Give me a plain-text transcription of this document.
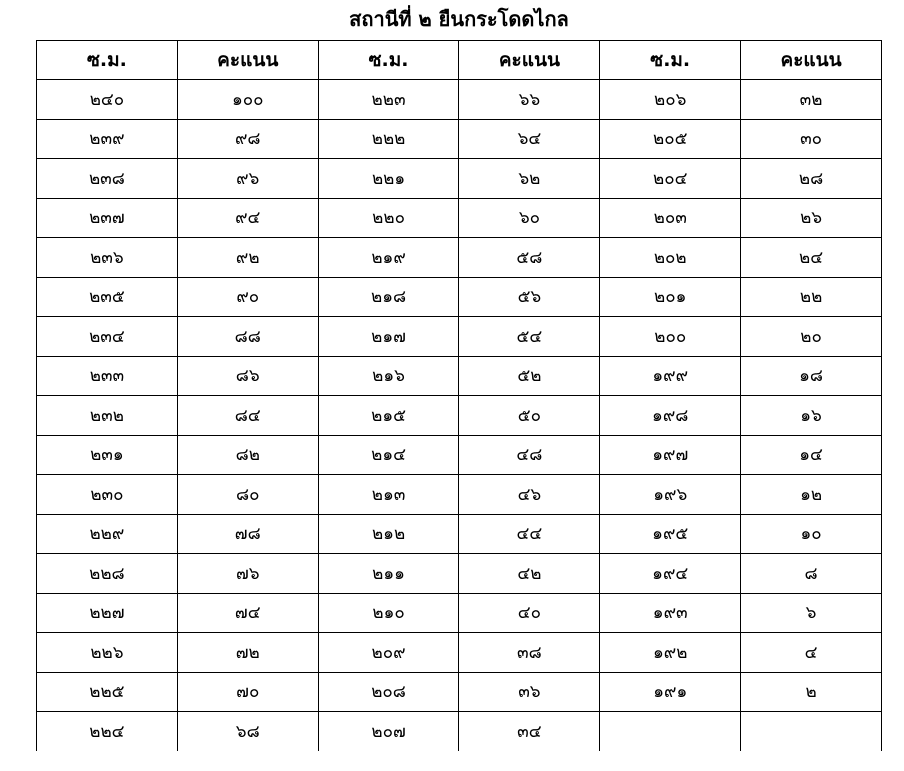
สถานีที่ ๒ ยืนกระโดดไกล
ซ.ม.	คะแนน	ซ.ม.	คะแนน	ซ.ม.	คะแนน
๒๔๐	๑๐๐	๒๒๓	๖๖	๒๐๖	๓๒
๒๓๙	๙๘	๒๒๒	๖๔	๒๐๕	๓๐
๒๓๘	๙๖	๒๒๑	๖๒	๒๐๔	๒๘
๒๓๗	๙๔	๒๒๐	๖๐	๒๐๓	๒๖
๒๓๖	๙๒	๒๑๙	๕๘	๒๐๒	๒๔
๒๓๕	๙๐	๒๑๘	๕๖	๒๐๑	๒๒
๒๓๔	๘๘	๒๑๗	๕๔	๒๐๐	๒๐
๒๓๓	๘๖	๒๑๖	๕๒	๑๙๙	๑๘
๒๓๒	๘๔	๒๑๕	๕๐	๑๙๘	๑๖
๒๓๑	๘๒	๒๑๔	๔๘	๑๙๗	๑๔
๒๓๐	๘๐	๒๑๓	๔๖	๑๙๖	๑๒
๒๒๙	๗๘	๒๑๒	๔๔	๑๙๕	๑๐
๒๒๘	๗๖	๒๑๑	๔๒	๑๙๔	๘
๒๒๗	๗๔	๒๑๐	๔๐	๑๙๓	๖
๒๒๖	๗๒	๒๐๙	๓๘	๑๙๒	๔
๒๒๕	๗๐	๒๐๘	๓๖	๑๙๑	๒
๒๒๔	๖๘	๒๐๗	๓๔		
